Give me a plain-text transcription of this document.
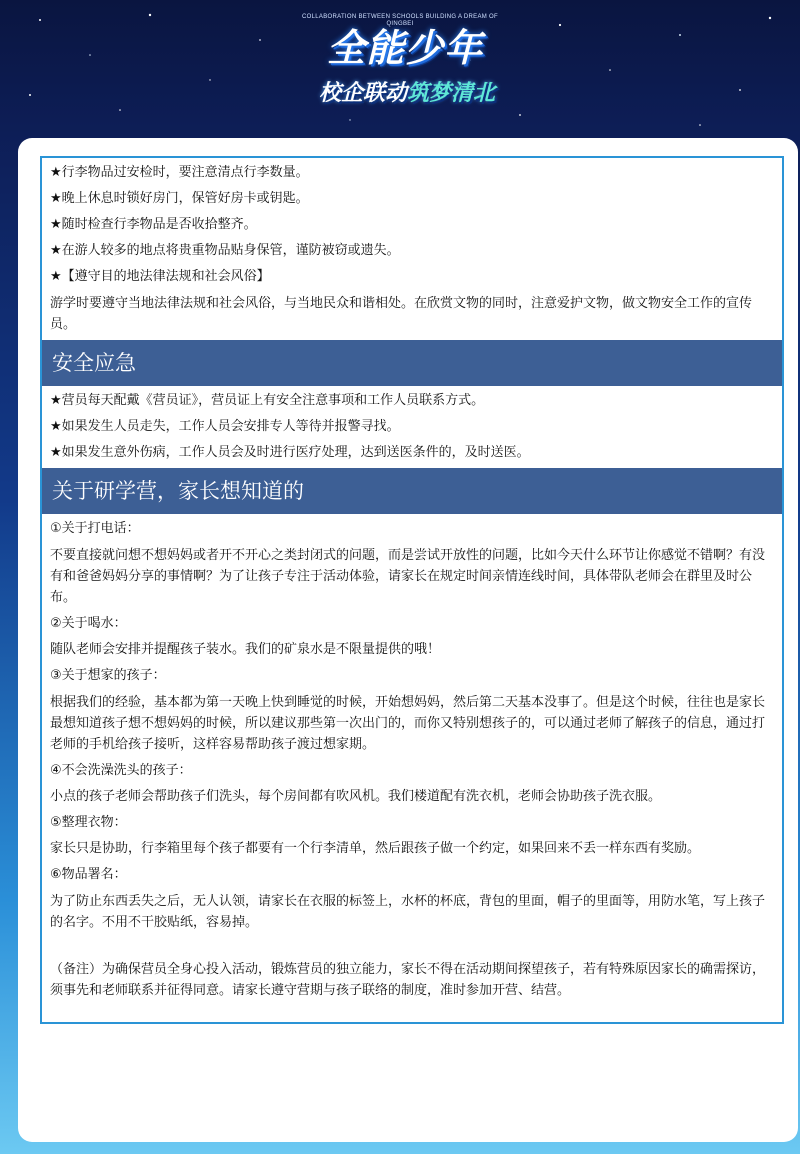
COLLABORATION BETWEEN SCHOOLS BUILDING A DREAM OF QINGBEI
全能少年
校企联动筑梦清北

★行李物品过安检时，要注意清点行李数量。

★晚上休息时锁好房门，保管好房卡或钥匙。

★随时检查行李物品是否收拾整齐。

★在游人较多的地点将贵重物品贴身保管，谨防被窃或遗失。

★【遵守目的地法律法规和社会风俗】

游学时要遵守当地法律法规和社会风俗，与当地民众和谐相处。在欣赏文物的同时，注意爱护文物，做文物安全工作的宣传员。

安全应急

★营员每天配戴《营员证》，营员证上有安全注意事项和工作人员联系方式。

★如果发生人员走失，工作人员会安排专人等待并报警寻找。

★如果发生意外伤病，工作人员会及时进行医疗处理，达到送医条件的，及时送医。

关于研学营，家长想知道的

①关于打电话：

不要直接就问想不想妈妈或者开不开心之类封闭式的问题，而是尝试开放性的问题，比如今天什么环节让你感觉不错啊？有没有和爸爸妈妈分享的事情啊？为了让孩子专注于活动体验，请家长在规定时间亲情连线时间，具体带队老师会在群里及时公布。

②关于喝水：

随队老师会安排并提醒孩子装水。我们的矿泉水是不限量提供的哦！

③关于想家的孩子：

根据我们的经验，基本都为第一天晚上快到睡觉的时候，开始想妈妈，然后第二天基本没事了。但是这个时候，往往也是家长最想知道孩子想不想妈妈的时候，所以建议那些第一次出门的，而你又特别想孩子的，可以通过老师了解孩子的信息，通过打老师的手机给孩子接听，这样容易帮助孩子渡过想家期。

④不会洗澡洗头的孩子：

小点的孩子老师会帮助孩子们洗头，每个房间都有吹风机。我们楼道配有洗衣机，老师会协助孩子洗衣服。

⑤整理衣物：

家长只是协助，行李箱里每个孩子都要有一个行李清单，然后跟孩子做一个约定，如果回来不丢一样东西有奖励。

⑥物品署名：

为了防止东西丢失之后，无人认领，请家长在衣服的标签上，水杯的杯底，背包的里面，帽子的里面等，用防水笔，写上孩子的名字。不用不干胶贴纸，容易掉。

（备注）为确保营员全身心投入活动，锻炼营员的独立能力，家长不得在活动期间探望孩子，若有特殊原因家长的确需探访，须事先和老师联系并征得同意。请家长遵守营期与孩子联络的制度，准时参加开营、结营。
